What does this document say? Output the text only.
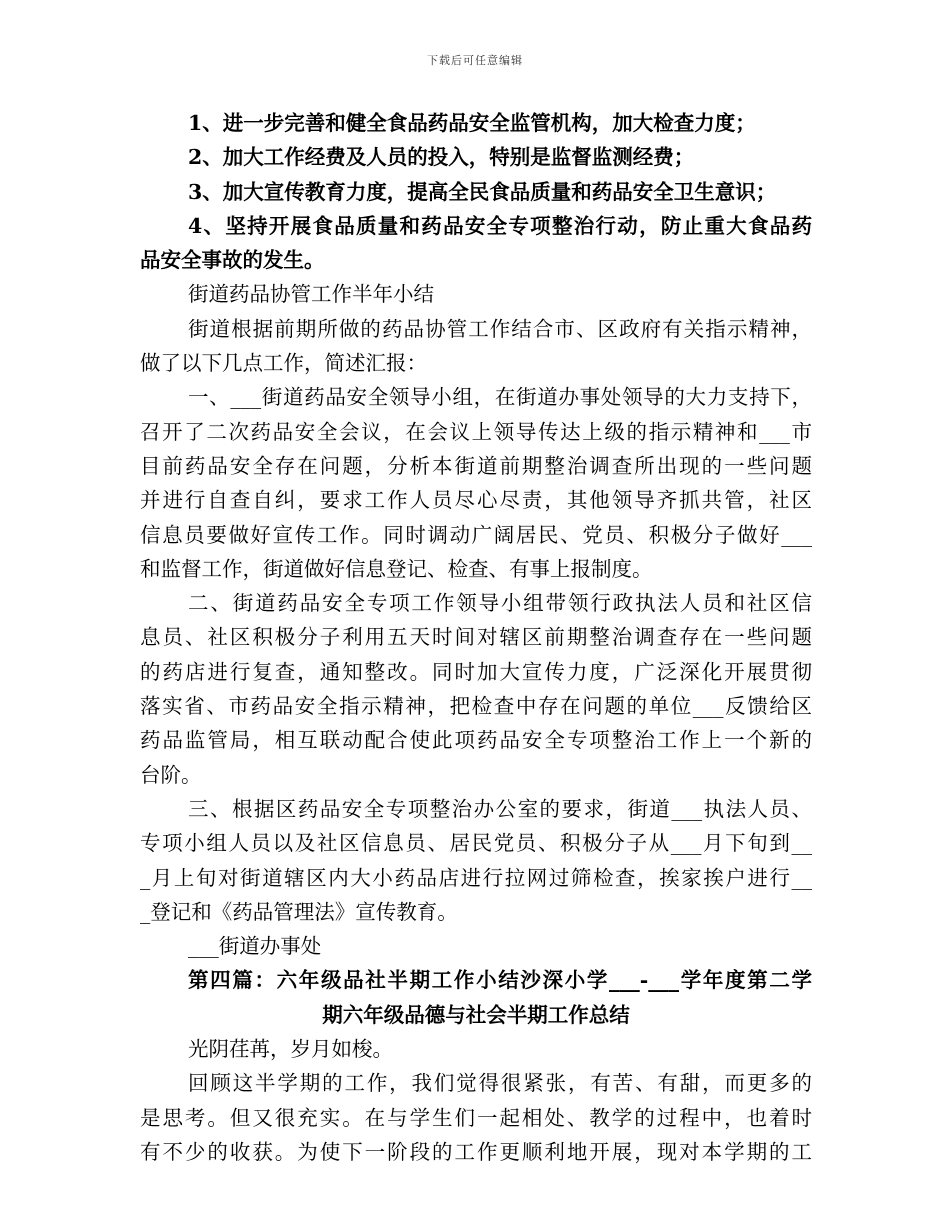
下载后可任意编辑
1、进一步完善和健全食品药品安全监管机构，加大检查力度；
2、加大工作经费及人员的投入，特别是监督监测经费；
3、加大宣传教育力度，提高全民食品质量和药品安全卫生意识；
4、坚持开展食品质量和药品安全专项整治行动，防止重大食品药
品安全事故的发生。
街道药品协管工作半年小结
街道根据前期所做的药品协管工作结合市、区政府有关指示精神，
做了以下几点工作，简述汇报：
一、___街道药品安全领导小组，在街道办事处领导的大力支持下，
召开了二次药品安全会议，在会议上领导传达上级的指示精神和___市
目前药品安全存在问题，分析本街道前期整治调查所出现的一些问题
并进行自查自纠，要求工作人员尽心尽责，其他领导齐抓共管，社区
信息员要做好宣传工作。同时调动广阔居民、党员、积极分子做好___
和监督工作，街道做好信息登记、检查、有事上报制度。
二、街道药品安全专项工作领导小组带领行政执法人员和社区信
息员、社区积极分子利用五天时间对辖区前期整治调查存在一些问题
的药店进行复查，通知整改。同时加大宣传力度，广泛深化开展贯彻
落实省、市药品安全指示精神，把检查中存在问题的单位___反馈给区
药品监管局，相互联动配合使此项药品安全专项整治工作上一个新的
台阶。
三、根据区药品安全专项整治办公室的要求，街道___执法人员、
专项小组人员以及社区信息员、居民党员、积极分子从___月下旬到__
_月上旬对街道辖区内大小药品店进行拉网过筛检查，挨家挨户进行__
_登记和《药品管理法》宣传教育。
___街道办事处
第四篇：六年级品社半期工作小结沙深小学___-___学年度第二学
期六年级品德与社会半期工作总结
光阴荏苒，岁月如梭。
回顾这半学期的工作，我们觉得很紧张，有苦、有甜，而更多的
是思考。但又很充实。在与学生们一起相处、教学的过程中，也着时
有不少的收获。为使下一阶段的工作更顺利地开展，现对本学期的工
